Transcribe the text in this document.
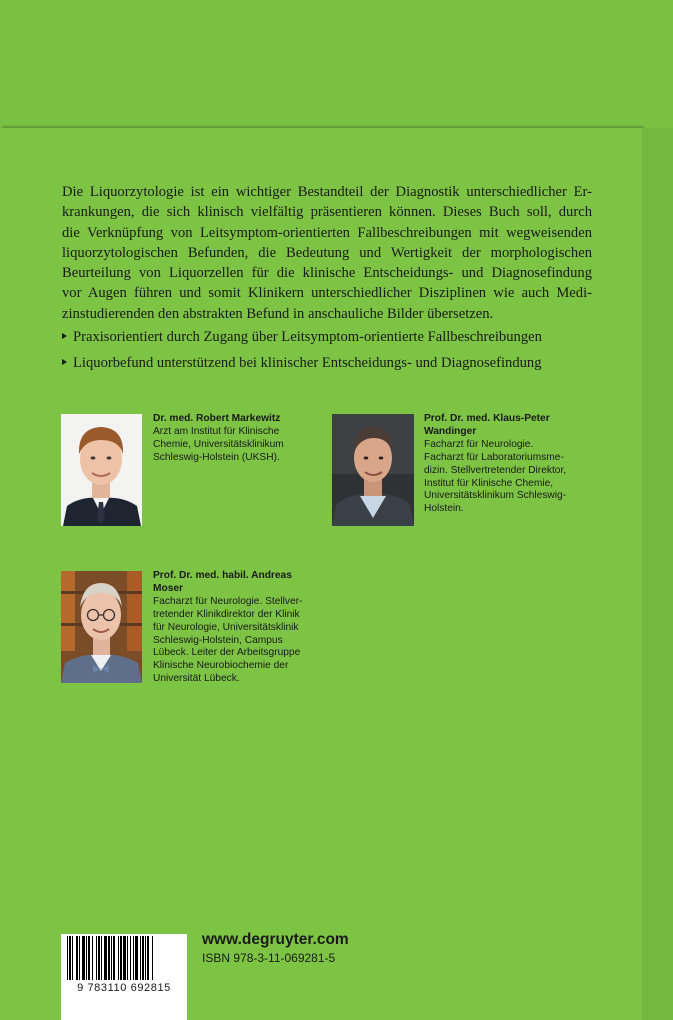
Die Liquorzytologie ist ein wichtiger Bestandteil der Diagnostik unterschiedlicher Er-
krankungen, die sich klinisch vielfältig präsentieren können. Dieses Buch soll, durch
die Verknüpfung von Leitsymptom-orientierten Fallbeschreibungen mit wegweisenden
liquorzytologischen Befunden, die Bedeutung und Wertigkeit der morphologischen
Beurteilung von Liquorzellen für die klinische Entscheidungs- und Diagnosefindung
vor Augen führen und somit Klinikern unterschiedlicher Disziplinen wie auch Medi-
zinstudierenden den abstrakten Befund in anschauliche Bilder übersetzen.

Praxisorientiert durch Zugang über Leitsymptom-orientierte Fallbeschreibungen
Liquorbefund unterstützend bei klinischer Entscheidungs- und Diagnosefindung
Dr. med. Robert Markewitz
Arzt am Institut für Klinische
Chemie, Universitätsklinikum
Schleswig-Holstein (UKSH).
Prof. Dr. med. Klaus-Peter
Wandinger
Facharzt für Neurologie.
Facharzt für Laboratoriumsme-
dizin. Stellvertretender Direktor,
Institut für Klinische Chemie,
Universitätsklinikum Schleswig-
Holstein.
Prof. Dr. med. habil. Andreas
Moser
Facharzt für Neurologie. Stellver-
tretender Klinikdirektor der Klinik
für Neurologie, Universitätsklinik
Schleswig-Holstein, Campus
Lübeck. Leiter der Arbeitsgruppe
Klinische Neurobiochemie der
Universität Lübeck.
9 783110 692815
www.degruyter.com
ISBN 978-3-11-069281-5
